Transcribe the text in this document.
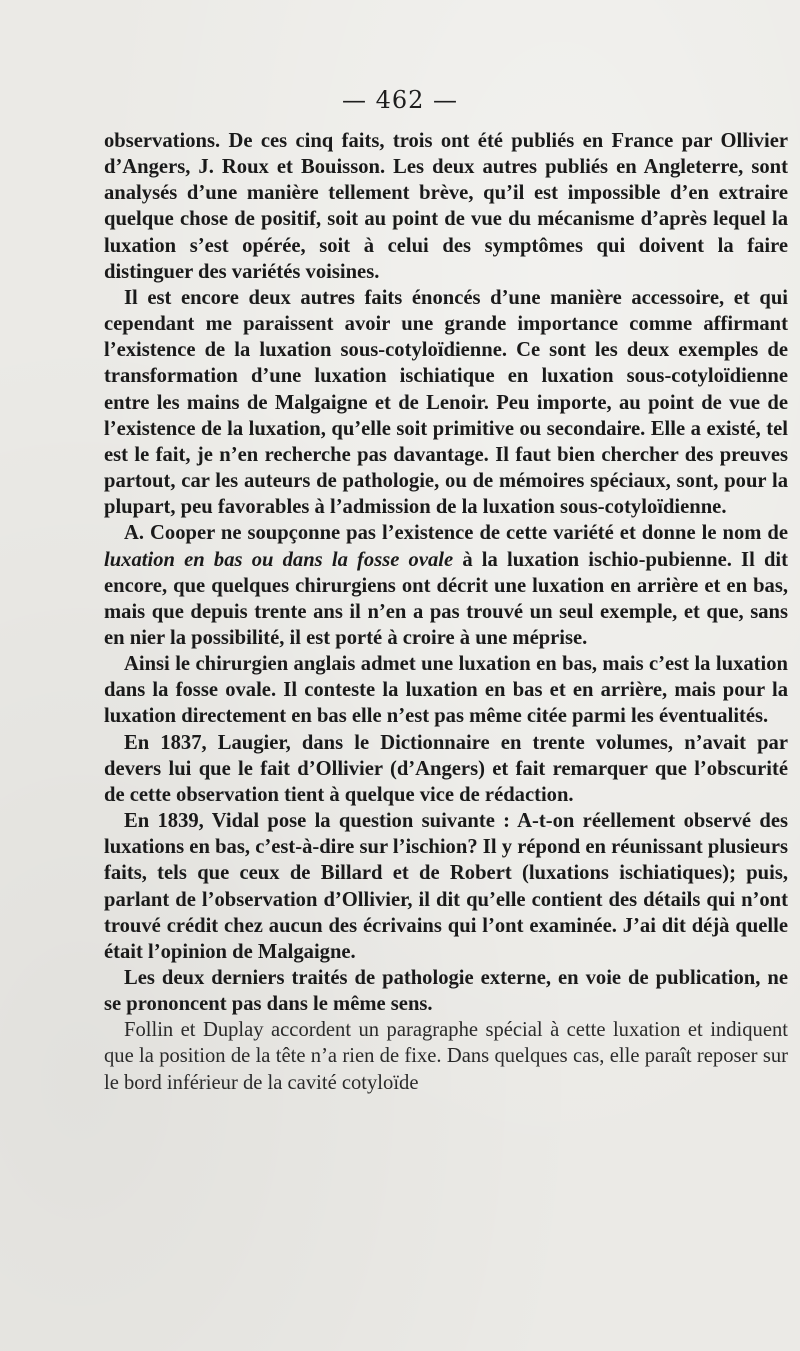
— 462 —

observations. De ces cinq faits, trois ont été publiés en France par Ollivier d’Angers, J. Roux et Bouisson. Les deux autres publiés en Angleterre, sont analysés d’une manière tellement brève, qu’il est impossible d’en extraire quelque chose de positif, soit au point de vue du mécanisme d’après lequel la luxation s’est opérée, soit à celui des symptômes qui doivent la faire distinguer des variétés voisines.

Il est encore deux autres faits énoncés d’une manière accessoire, et qui cependant me paraissent avoir une grande importance comme affirmant l’existence de la luxation sous-cotyloïdienne. Ce sont les deux exemples de transformation d’une luxation ischiatique en luxation sous-cotyloïdienne entre les mains de Malgaigne et de Lenoir. Peu importe, au point de vue de l’existence de la luxation, qu’elle soit primitive ou secondaire. Elle a existé, tel est le fait, je n’en recherche pas davantage. Il faut bien chercher des preuves partout, car les auteurs de pathologie, ou de mémoires spéciaux, sont, pour la plupart, peu favorables à l’admission de la luxation sous-cotyloïdienne.

A. Cooper ne soupçonne pas l’existence de cette variété et donne le nom de luxation en bas ou dans la fosse ovale à la luxation ischio-pubienne. Il dit encore, que quelques chirurgiens ont décrit une luxation en arrière et en bas, mais que depuis trente ans il n’en a pas trouvé un seul exemple, et que, sans en nier la possibilité, il est porté à croire à une méprise.

Ainsi le chirurgien anglais admet une luxation en bas, mais c’est la luxation dans la fosse ovale. Il conteste la luxation en bas et en arrière, mais pour la luxation directement en bas elle n’est pas même citée parmi les éventualités.

En 1837, Laugier, dans le Dictionnaire en trente volumes, n’avait par devers lui que le fait d’Ollivier (d’Angers) et fait remarquer que l’obscurité de cette observation tient à quelque vice de rédaction.

En 1839, Vidal pose la question suivante : A-t-on réellement observé des luxations en bas, c’est-à-dire sur l’ischion? Il y répond en réunissant plusieurs faits, tels que ceux de Billard et de Robert (luxations ischiatiques); puis, parlant de l’observation d’Ollivier, il dit qu’elle contient des détails qui n’ont trouvé crédit chez aucun des écrivains qui l’ont examinée. J’ai dit déjà quelle était l’opinion de Malgaigne.

Les deux derniers traités de pathologie externe, en voie de publication, ne se prononcent pas dans le même sens.

Follin et Duplay accordent un paragraphe spécial à cette luxation et indiquent que la position de la tête n’a rien de fixe. Dans quelques cas, elle paraît reposer sur le bord inférieur de la cavité cotyloïde
